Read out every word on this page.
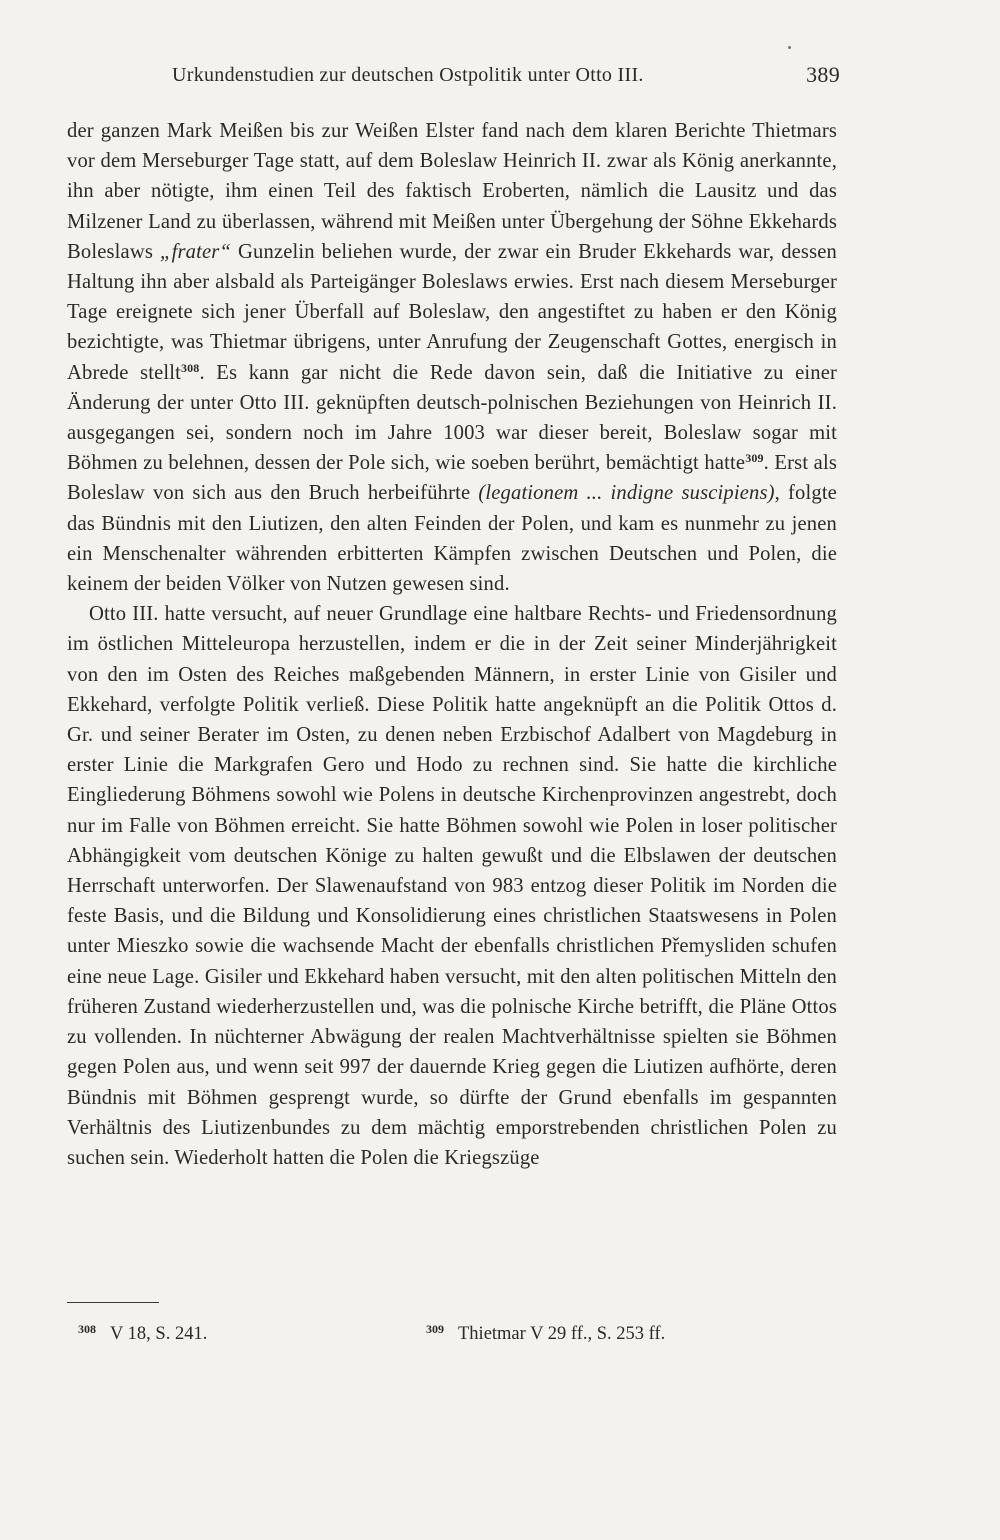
Urkundenstudien zur deutschen Ostpolitik unter Otto III.	389

der ganzen Mark Meißen bis zur Weißen Elster fand nach dem klaren Berichte Thietmars vor dem Merseburger Tage statt, auf dem Boleslaw Heinrich II. zwar als König anerkannte, ihn aber nötigte, ihm einen Teil des faktisch Eroberten, nämlich die Lausitz und das Milzener Land zu überlassen, während mit Meißen unter Übergehung der Söhne Ekkehards Boleslaws „frater“ Gunzelin beliehen wurde, der zwar ein Bruder Ekkehards war, dessen Haltung ihn aber alsbald als Parteigänger Boleslaws erwies. Erst nach diesem Merseburger Tage ereignete sich jener Überfall auf Boleslaw, den angestiftet zu haben er den König bezichtigte, was Thietmar übrigens, unter Anrufung der Zeugenschaft Gottes, energisch in Abrede stellt$^{308}$. Es kann gar nicht die Rede davon sein, daß die Initiative zu einer Änderung der unter Otto III. geknüpften deutsch-polnischen Beziehungen von Heinrich II. ausgegangen sei, sondern noch im Jahre 1003 war dieser bereit, Boleslaw sogar mit Böhmen zu belehnen, dessen der Pole sich, wie soeben berührt, bemächtigt hatte$^{309}$. Erst als Boleslaw von sich aus den Bruch herbeiführte (legationem ... indigne suscipiens), folgte das Bündnis mit den Liutizen, den alten Feinden der Polen, und kam es nunmehr zu jenen ein Menschenalter währenden erbitterten Kämpfen zwischen Deutschen und Polen, die keinem der beiden Völker von Nutzen gewesen sind.

Otto III. hatte versucht, auf neuer Grundlage eine haltbare Rechts- und Friedensordnung im östlichen Mitteleuropa herzustellen, indem er die in der Zeit seiner Minderjährigkeit von den im Osten des Reiches maßgebenden Männern, in erster Linie von Gisiler und Ekkehard, verfolgte Politik verließ. Diese Politik hatte angeknüpft an die Politik Ottos d. Gr. und seiner Berater im Osten, zu denen neben Erzbischof Adalbert von Magdeburg in erster Linie die Markgrafen Gero und Hodo zu rechnen sind. Sie hatte die kirchliche Eingliederung Böhmens sowohl wie Polens in deutsche Kirchenprovinzen angestrebt, doch nur im Falle von Böhmen erreicht. Sie hatte Böhmen sowohl wie Polen in loser politischer Abhängigkeit vom deutschen Könige zu halten gewußt und die Elbslawen der deutschen Herrschaft unterworfen. Der Slawenaufstand von 983 entzog dieser Politik im Norden die feste Basis, und die Bildung und Konsolidierung eines christlichen Staatswesens in Polen unter Mieszko sowie die wachsende Macht der ebenfalls christlichen Přemysliden schufen eine neue Lage. Gisiler und Ekkehard haben versucht, mit den alten politischen Mitteln den früheren Zustand wiederherzustellen und, was die polnische Kirche betrifft, die Pläne Ottos zu vollenden. In nüchterner Abwägung der realen Machtverhältnisse spielten sie Böhmen gegen Polen aus, und wenn seit 997 der dauernde Krieg gegen die Liutizen aufhörte, deren Bündnis mit Böhmen gesprengt wurde, so dürfte der Grund ebenfalls im gespannten Verhältnis des Liutizenbundes zu dem mächtig emporstrebenden christlichen Polen zu suchen sein. Wiederholt hatten die Polen die Kriegszüge

$^{308}$ V 18, S. 241.	$^{309}$ Thietmar V 29 ff., S. 253 ff.
